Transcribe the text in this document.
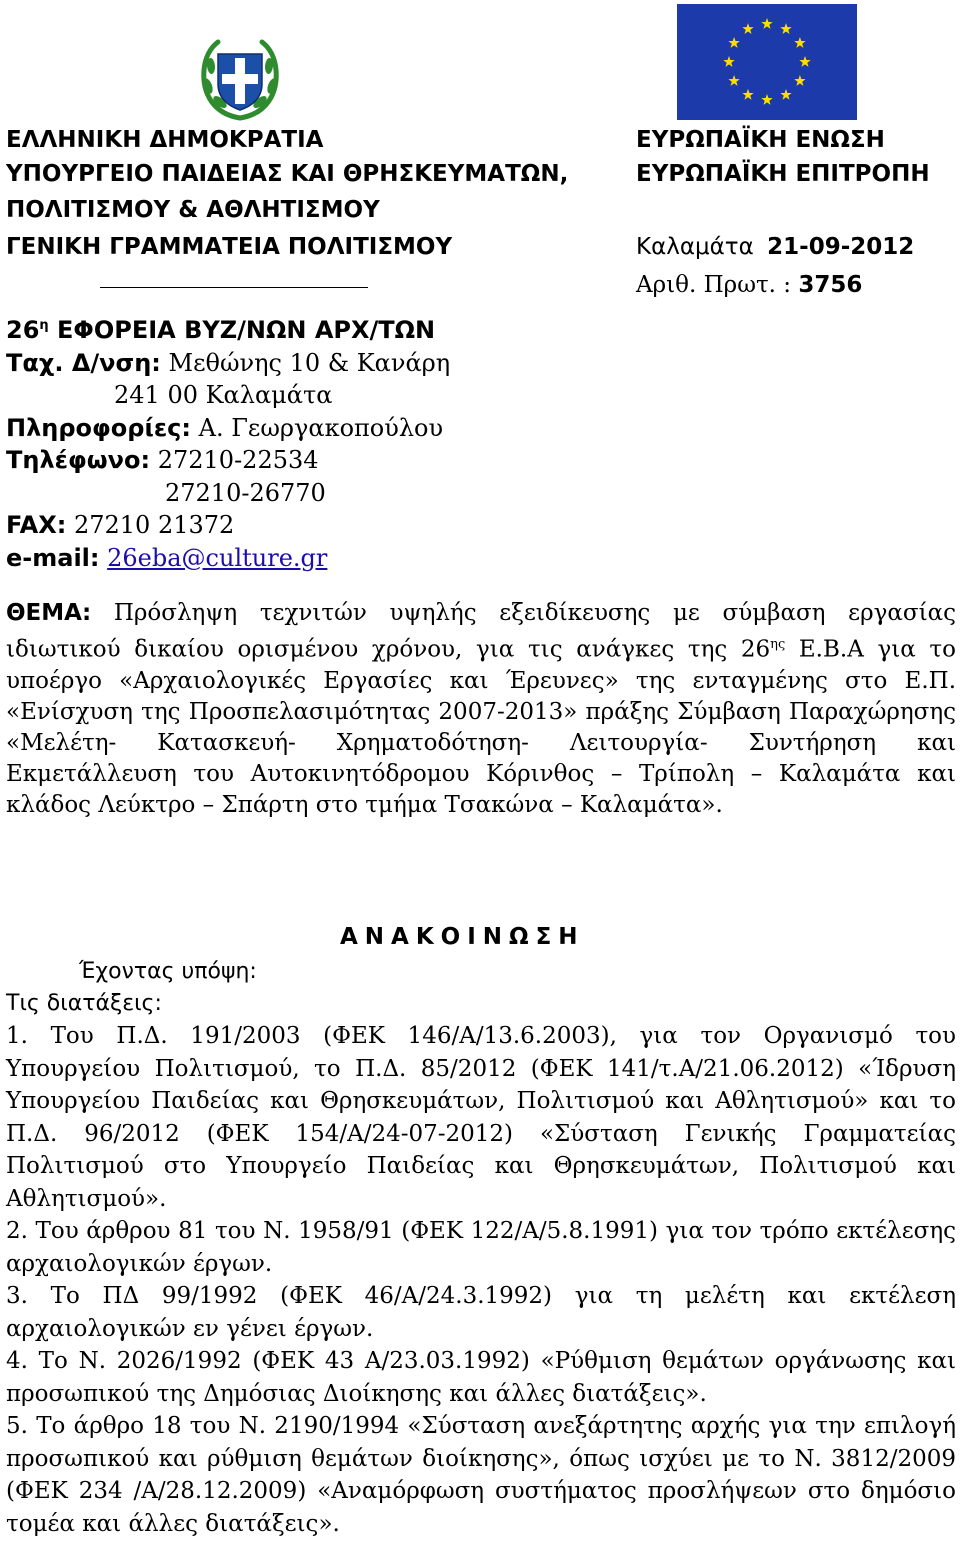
ΕΛΛΗΝΙΚΗ ΔΗΜΟΚΡΑΤΙΑ
ΥΠΟΥΡΓΕΙΟ ΠΑΙΔΕΙΑΣ ΚΑΙ ΘΡΗΣΚΕΥΜΑΤΩΝ,
ΠΟΛΙΤΙΣΜΟΥ & ΑΘΛΗΤΙΣΜΟΥ
ΓΕΝΙΚΗ ΓΡΑΜΜΑΤΕΙΑ ΠΟΛΙΤΙΣΜΟΥ
ΕΥΡΩΠΑΪΚΗ ΕΝΩΣΗ
ΕΥΡΩΠΑΪΚΗ ΕΠΙΤΡΟΠΗ
Καλαμάτα 21-09-2012
Αριθ. Πρωτ. : 3756
$26^\eta$ ΕΦΟΡΕΙΑ ΒΥΖ/ΝΩΝ ΑΡΧ/ΤΩΝ
Ταχ. Δ/νση: Μεθώνης 10 & Κανάρη
241 00 Καλαμάτα
Πληροφορίες: Α. Γεωργακοπούλου
Τηλέφωνο: 27210-22534
27210-26770
FAX: 27210 21372
e-mail: 26eba@culture.gr

ΘΕΜΑ: Πρόσληψη τεχνιτών υψηλής εξειδίκευσης με σύμβαση εργασίας ιδιωτικού δικαίου ορισμένου χρόνου, για τις ανάγκες της $26^{\eta\varsigma}$ Ε.Β.Α για το υποέργο «Αρχαιολογικές Εργασίες και Έρευνες» της ενταγμένης στο Ε.Π. «Ενίσχυση της Προσπελασιμότητας 2007-2013» πράξης Σύμβαση Παραχώρησης «Μελέτη- Κατασκευή- Χρηματοδότηση- Λειτουργία- Συντήρηση και Εκμετάλλευση του Αυτοκινητόδρομου Κόρινθος – Τρίπολη – Καλαμάτα και κλάδος Λεύκτρο – Σπάρτη στο τμήμα Τσακώνα – Καλαμάτα».

ΑΝΑΚΟΙΝΩΣΗ

Έχοντας υπόψη:

Τις διατάξεις:

1. Του Π.Δ. 191/2003 (ΦΕΚ 146/Α/13.6.2003), για τον Οργανισμό του Υπουργείου Πολιτισμού, το Π.Δ. 85/2012 (ΦΕΚ 141/τ.Α/21.06.2012) «Ίδρυση Υπουργείου Παιδείας και Θρησκευμάτων, Πολιτισμού και Αθλητισμού» και το Π.Δ. 96/2012 (ΦΕΚ 154/Α/24-07-2012) «Σύσταση Γενικής Γραμματείας Πολιτισμού στο Υπουργείο Παιδείας και Θρησκευμάτων, Πολιτισμού και Αθλητισμού».

2. Του άρθρου 81 του Ν. 1958/91 (ΦΕΚ 122/Α/5.8.1991) για τον τρόπο εκτέλεσης αρχαιολογικών έργων.

3. Το ΠΔ 99/1992 (ΦΕΚ 46/Α/24.3.1992) για τη μελέτη και εκτέλεση αρχαιολογικών εν γένει έργων.

4. Το Ν. 2026/1992 (ΦΕΚ 43 Α/23.03.1992) «Ρύθμιση θεμάτων οργάνωσης και προσωπικού της Δημόσιας Διοίκησης και άλλες διατάξεις».

5. Το άρθρο 18 του Ν. 2190/1994 «Σύσταση ανεξάρτητης αρχής για την επιλογή προσωπικού και ρύθμιση θεμάτων διοίκησης», όπως ισχύει με το Ν. 3812/2009 (ΦΕΚ 234 /Α/28.12.2009) «Αναμόρφωση συστήματος προσλήψεων στο δημόσιο τομέα και άλλες διατάξεις».
